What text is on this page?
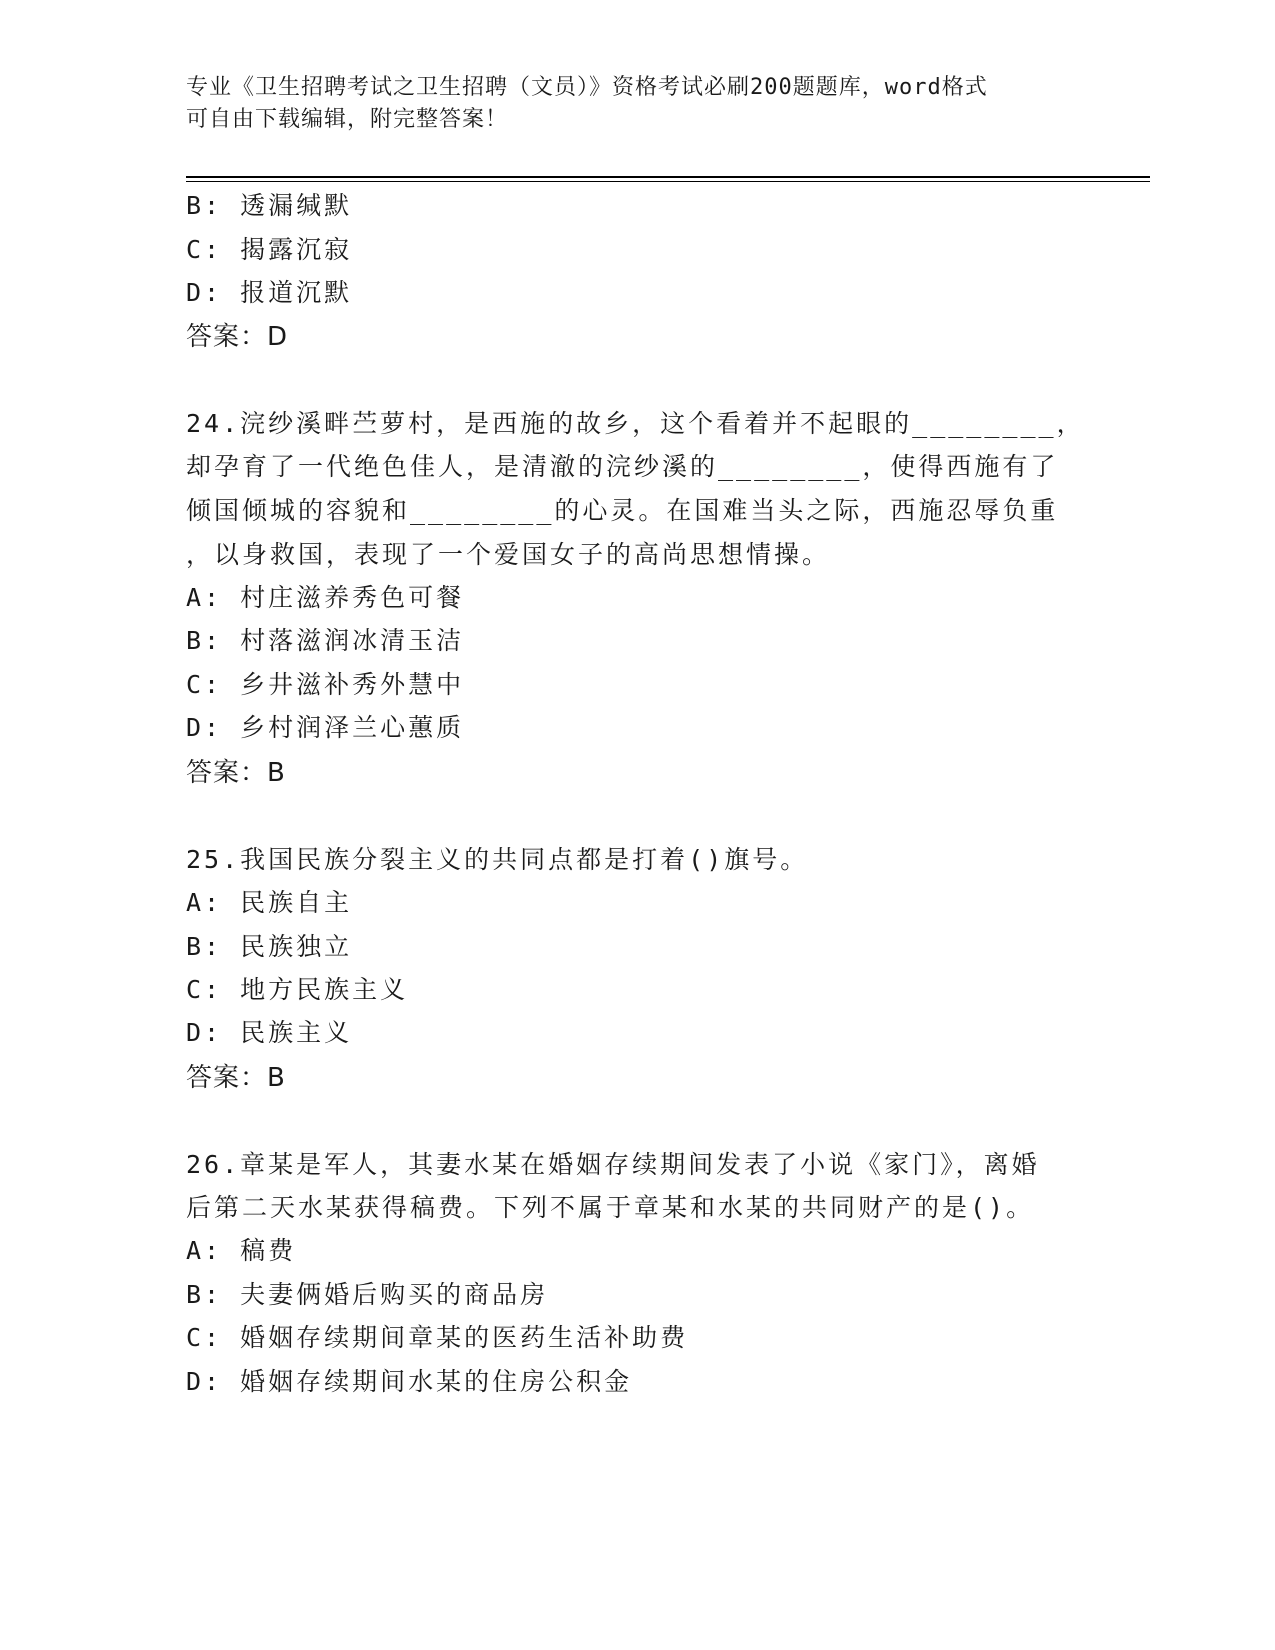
专业《卫生招聘考试之卫生招聘（文员）》资格考试必刷200题题库，word格式
可自由下载编辑，附完整答案！
B: 透漏缄默
C: 揭露沉寂
D: 报道沉默
答案：D
24.浣纱溪畔苎萝村，是西施的故乡，这个看着并不起眼的________，
却孕育了一代绝色佳人，是清澈的浣纱溪的________，使得西施有了
倾国倾城的容貌和________的心灵。在国难当头之际，西施忍辱负重
，以身救国，表现了一个爱国女子的高尚思想情操。
A: 村庄滋养秀色可餐
B: 村落滋润冰清玉洁
C: 乡井滋补秀外慧中
D: 乡村润泽兰心蕙质
答案：B
25.我国民族分裂主义的共同点都是打着()旗号。
A: 民族自主
B: 民族独立
C: 地方民族主义
D: 民族主义
答案：B
26.章某是军人，其妻水某在婚姻存续期间发表了小说《家门》，离婚
后第二天水某获得稿费。下列不属于章某和水某的共同财产的是()。
A: 稿费
B: 夫妻俩婚后购买的商品房
C: 婚姻存续期间章某的医药生活补助费
D: 婚姻存续期间水某的住房公积金
